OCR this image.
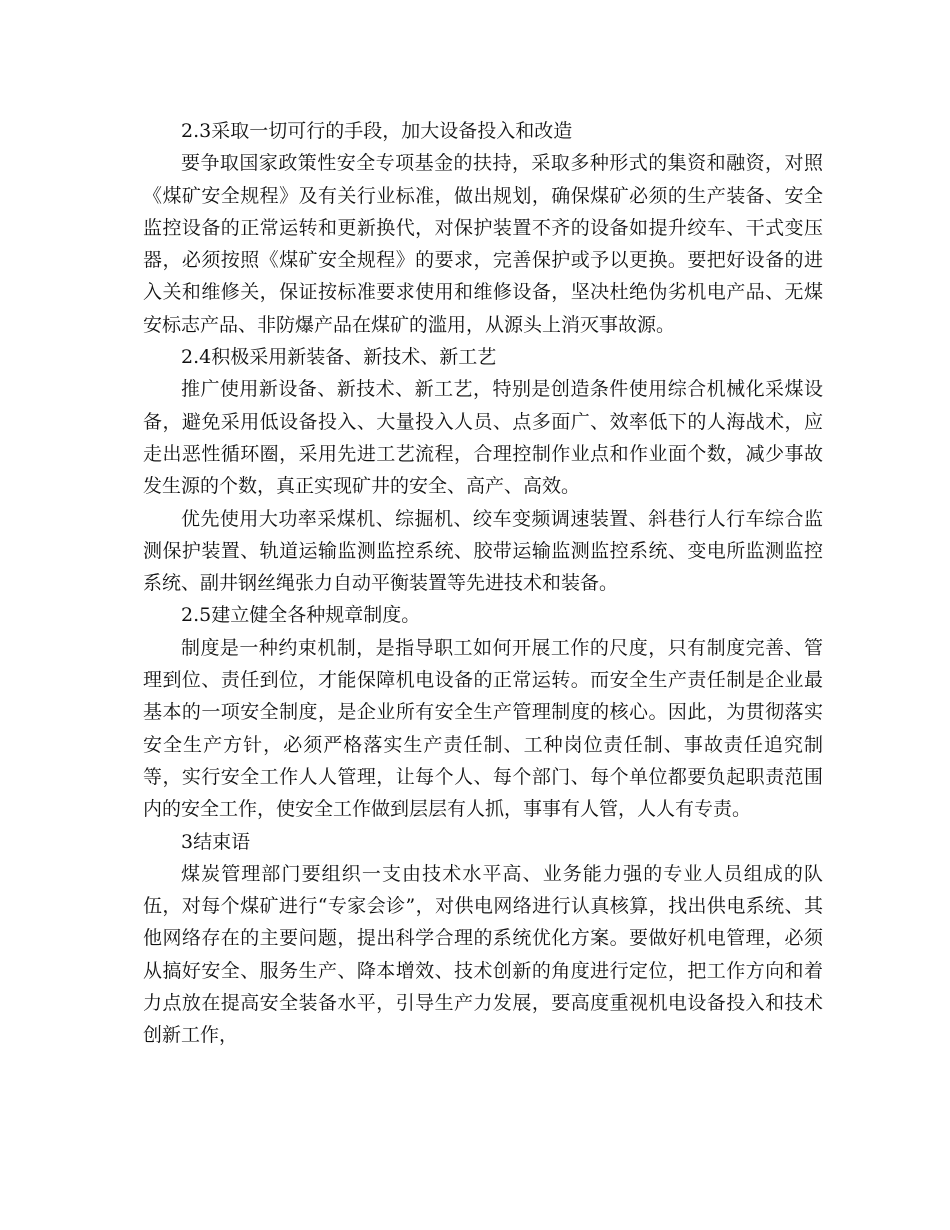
2.3采取一切可行的手段，加大设备投入和改造

要争取国家政策性安全专项基金的扶持，采取多种形式的集资和融资，对照《煤矿安全规程》及有关行业标准，做出规划，确保煤矿必须的生产装备、安全监控设备的正常运转和更新换代，对保护装置不齐的设备如提升绞车、干式变压器，必须按照《煤矿安全规程》的要求，完善保护或予以更换。要把好设备的进入关和维修关，保证按标准要求使用和维修设备，坚决杜绝伪劣机电产品、无煤安标志产品、非防爆产品在煤矿的滥用，从源头上消灭事故源。

2.4积极采用新装备、新技术、新工艺

推广使用新设备、新技术、新工艺，特别是创造条件使用综合机械化采煤设备，避免采用低设备投入、大量投入人员、点多面广、效率低下的人海战术，应走出恶性循环圈，采用先进工艺流程，合理控制作业点和作业面个数，减少事故发生源的个数，真正实现矿井的安全、高产、高效。

优先使用大功率采煤机、综掘机、绞车变频调速装置、斜巷行人行车综合监测保护装置、轨道运输监测监控系统、胶带运输监测监控系统、变电所监测监控系统、副井钢丝绳张力自动平衡装置等先进技术和装备。

2.5建立健全各种规章制度。

制度是一种约束机制，是指导职工如何开展工作的尺度，只有制度完善、管理到位、责任到位，才能保障机电设备的正常运转。而安全生产责任制是企业最基本的一项安全制度，是企业所有安全生产管理制度的核心。因此，为贯彻落实安全生产方针，必须严格落实生产责任制、工种岗位责任制、事故责任追究制等，实行安全工作人人管理，让每个人、每个部门、每个单位都要负起职责范围内的安全工作，使安全工作做到层层有人抓，事事有人管，人人有专责。

3结束语

煤炭管理部门要组织一支由技术水平高、业务能力强的专业人员组成的队伍，对每个煤矿进行“专家会诊”，对供电网络进行认真核算，找出供电系统、其他网络存在的主要问题，提出科学合理的系统优化方案。要做好机电管理，必须从搞好安全、服务生产、降本增效、技术创新的角度进行定位，把工作方向和着力点放在提高安全装备水平，引导生产力发展，要高度重视机电设备投入和技术创新工作，
